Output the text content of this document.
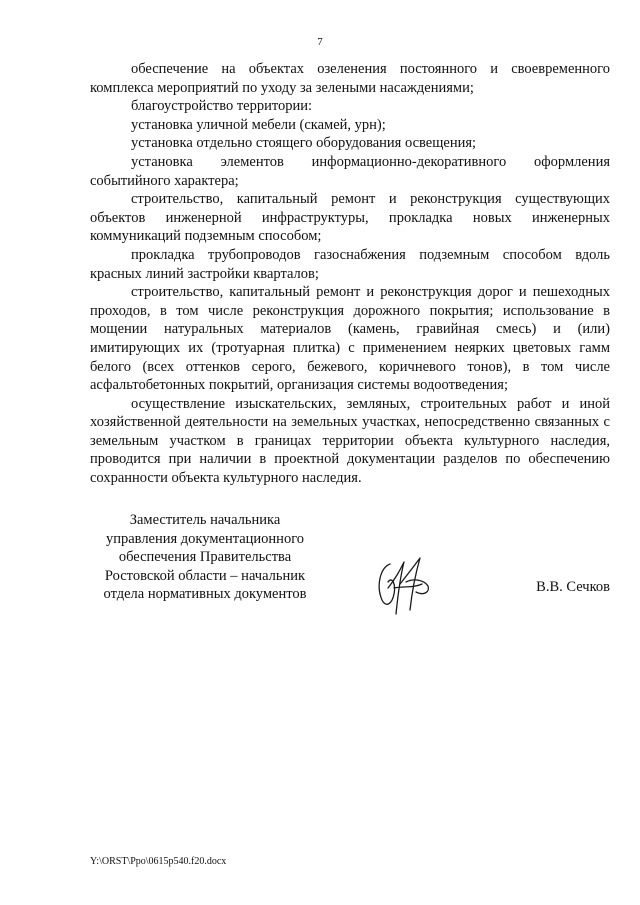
7

обеспечение на объектах озеленения постоянного и своевременного комплекса мероприятий по уходу за зелеными насаждениями;

благоустройство территории:

установка уличной мебели (скамей, урн);

установка отдельно стоящего оборудования освещения;

установка элементов информационно-декоративного оформления событийного характера;

строительство, капитальный ремонт и реконструкция существующих объектов инженерной инфраструктуры, прокладка новых инженерных коммуникаций подземным способом;

прокладка трубопроводов газоснабжения подземным способом вдоль красных линий застройки кварталов;

строительство, капитальный ремонт и реконструкция дорог и пешеходных проходов, в том числе реконструкция дорожного покрытия; использование в мощении натуральных материалов (камень, гравийная смесь) и (или) имитирующих их (тротуарная плитка) с применением неярких цветовых гамм белого (всех оттенков серого, бежевого, коричневого тонов), в том числе асфальтобетонных покрытий, организация системы водоотведения;

осуществление изыскательских, земляных, строительных работ и иной хозяйственной деятельности на земельных участках, непосредственно связанных с земельным участком в границах территории объекта культурного наследия, проводится при наличии в проектной документации разделов по обеспечению сохранности объекта культурного наследия.

Заместитель начальника
управления документационного
обеспечения Правительства
Ростовской области – начальник
отдела нормативных документов	В.В. Сечков
Y:\ORST\Ppo\0615p540.f20.docx
